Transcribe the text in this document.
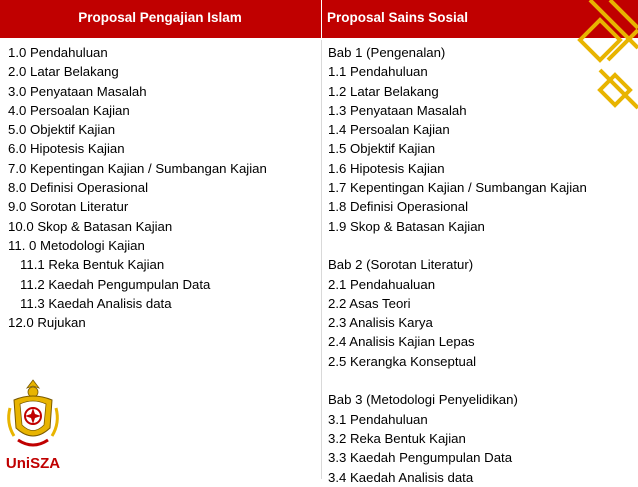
Proposal Pengajian Islam	Proposal Sains Sosial
1.0 Pendahuluan
2.0 Latar Belakang
3.0 Penyataan Masalah
4.0 Persoalan Kajian
5.0 Objektif Kajian
6.0 Hipotesis Kajian
7.0 Kepentingan Kajian / Sumbangan Kajian
8.0 Definisi Operasional
9.0 Sorotan Literatur
10.0 Skop & Batasan Kajian
11. 0 Metodologi Kajian
11.1 Reka Bentuk Kajian
11.2 Kaedah Pengumpulan Data
11.3 Kaedah Analisis data
12.0 Rujukan
Bab 1 (Pengenalan)
1.1 Pendahuluan
1.2 Latar Belakang
1.3 Penyataan Masalah
1.4 Persoalan Kajian
1.5 Objektif Kajian
1.6 Hipotesis Kajian
1.7 Kepentingan Kajian / Sumbangan Kajian
1.8 Definisi Operasional
1.9 Skop & Batasan Kajian
Bab 2 (Sorotan Literatur)
2.1 Pendahualuan
2.2 Asas Teori
2.3 Analisis Karya
2.4 Analisis Kajian Lepas
2.5 Kerangka Konseptual
Bab 3 (Metodologi Penyelidikan)
3.1 Pendahuluan
3.2 Reka Bentuk Kajian
3.3 Kaedah Pengumpulan Data
3.4 Kaedah Analisis data
UniSZA
